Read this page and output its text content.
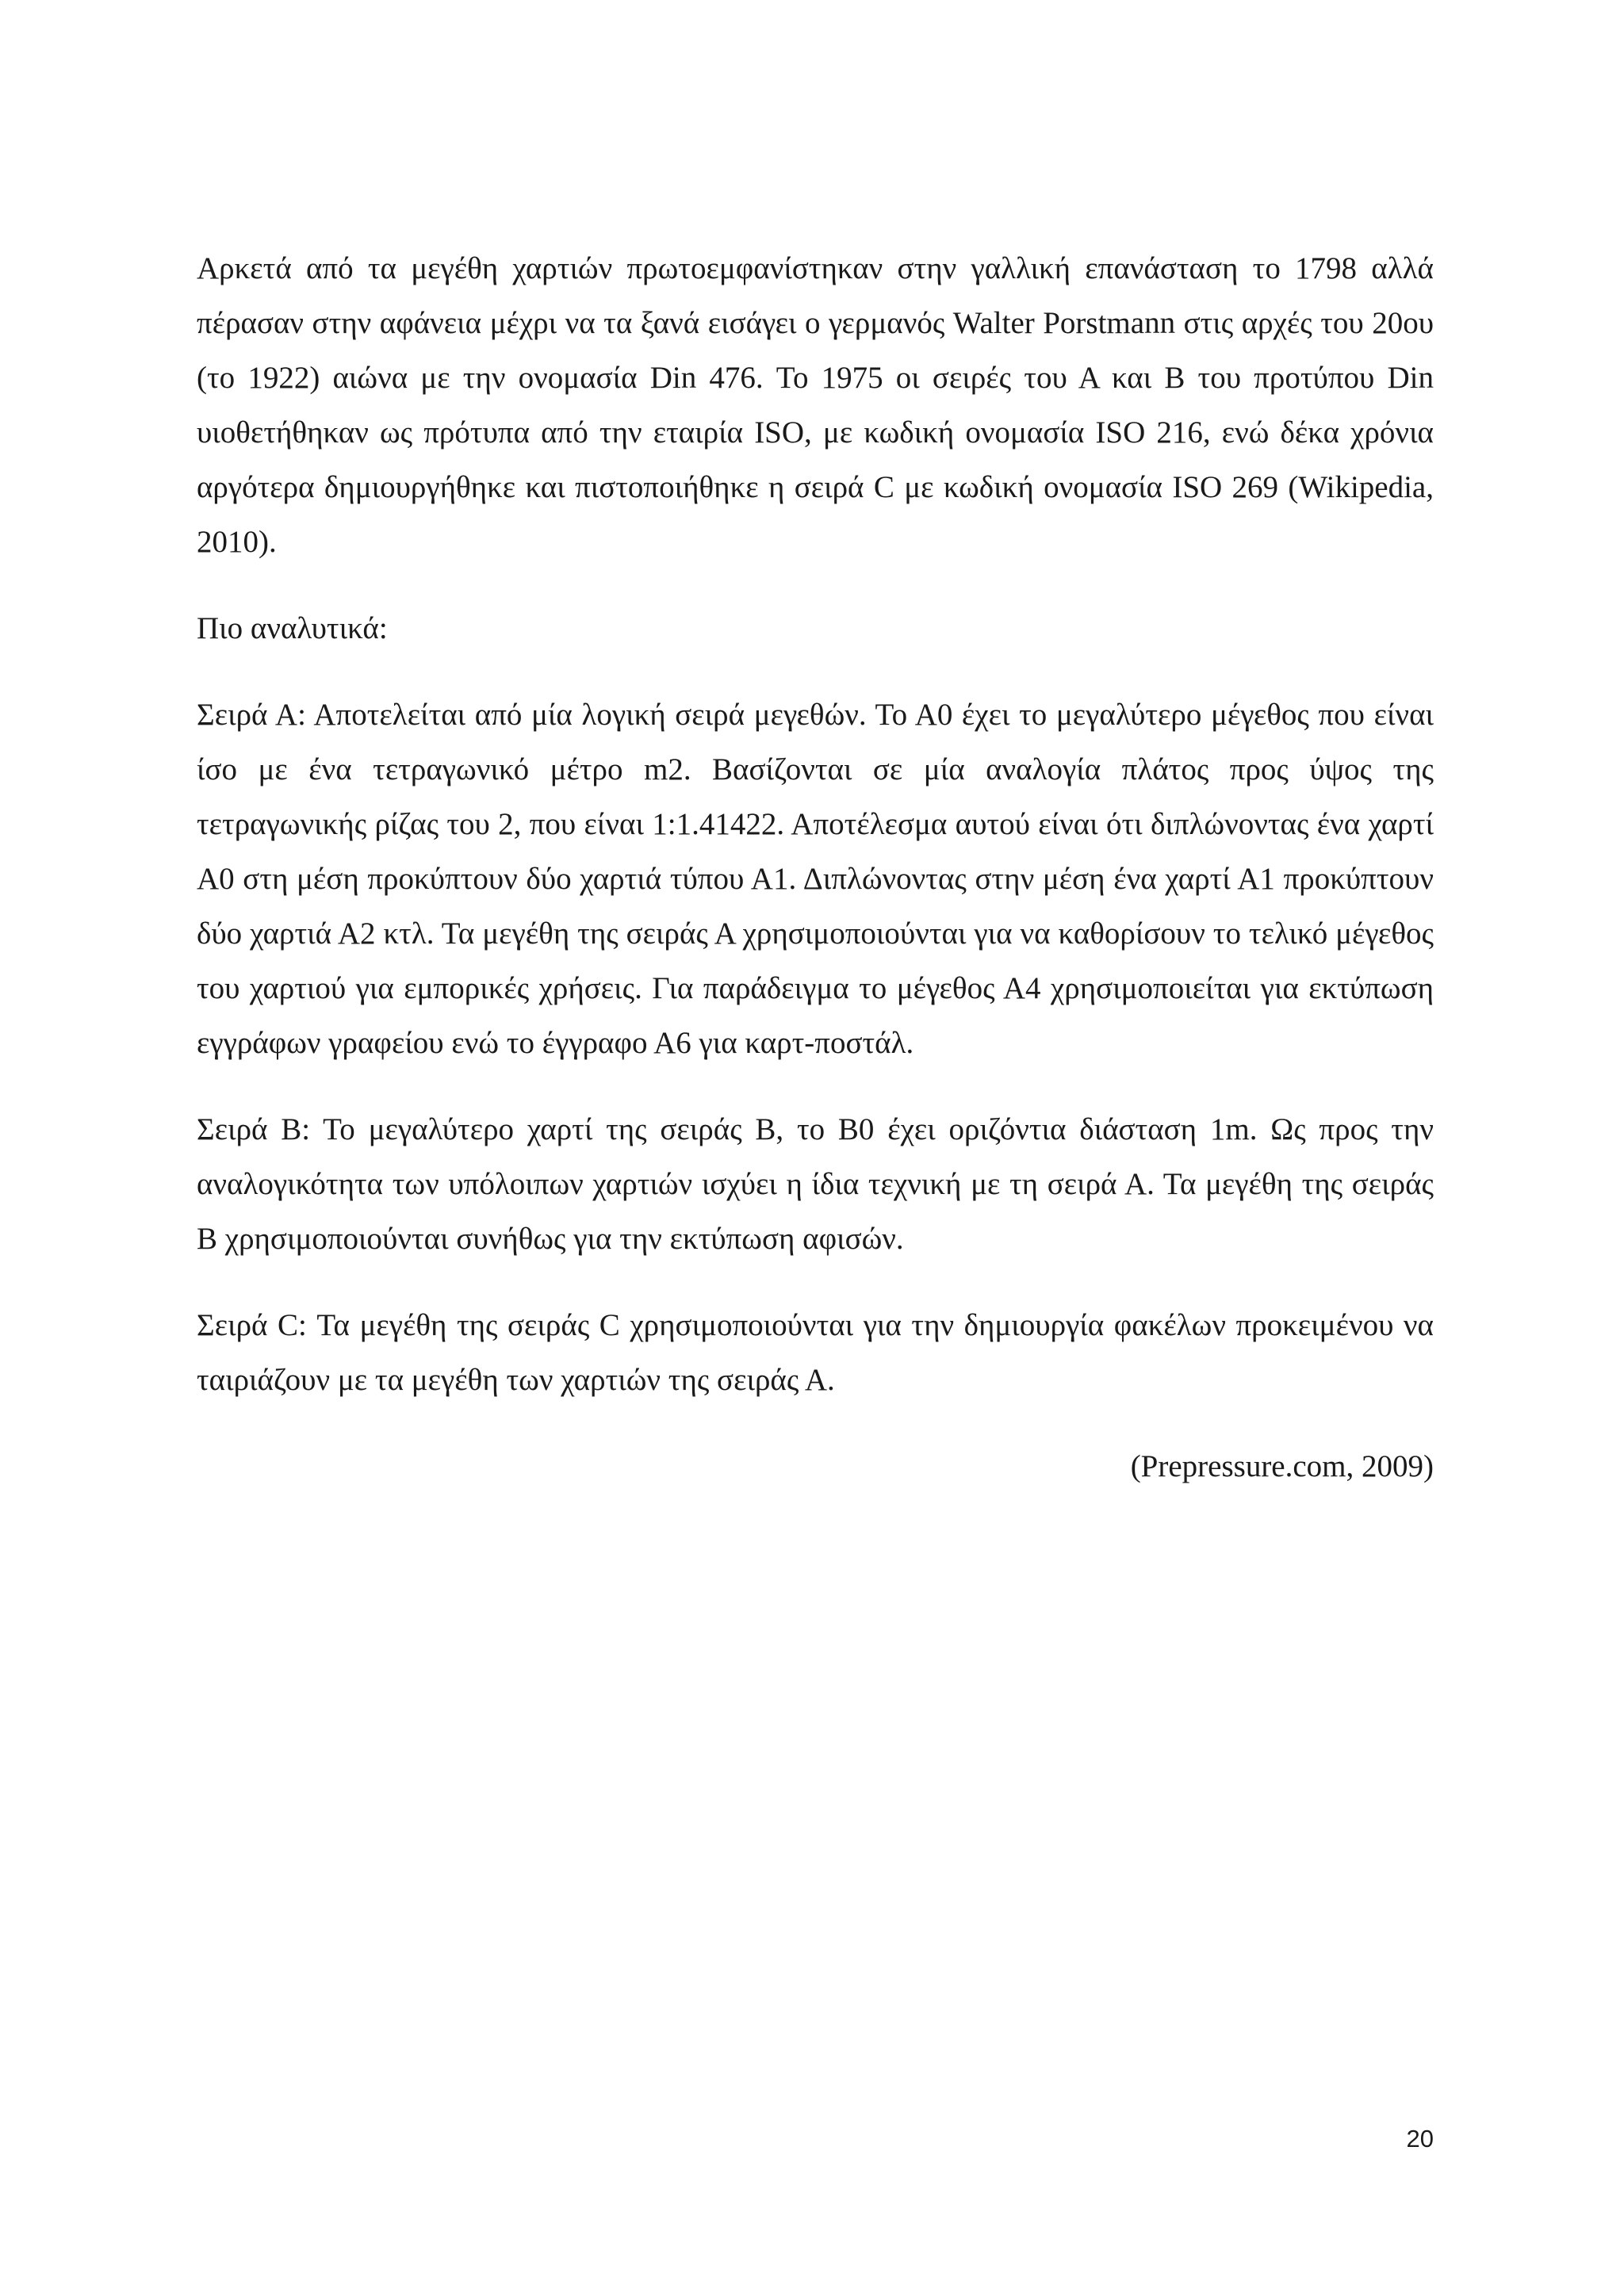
Αρκετά από τα μεγέθη χαρτιών πρωτοεμφανίστηκαν στην γαλλική επανάσταση το 1798 αλλά πέρασαν στην αφάνεια μέχρι να τα ξανά εισάγει ο γερμανός Walter Porstmann στις αρχές του 20ου (το 1922) αιώνα με την ονομασία Din 476. Το 1975 οι σειρές του Α και Β του προτύπου Din υιοθετήθηκαν ως πρότυπα από την εταιρία ISO, με κωδική ονομασία ISO 216, ενώ δέκα χρόνια αργότερα δημιουργήθηκε και πιστοποιήθηκε η σειρά C με κωδική ονομασία ISO 269 (Wikipedia, 2010).

Πιο αναλυτικά:

Σειρά Α: Αποτελείται από μία λογική σειρά μεγεθών. Το Α0 έχει το μεγαλύτερο μέγεθος που είναι ίσο με ένα τετραγωνικό μέτρο m2. Βασίζονται σε μία αναλογία πλάτος προς ύψος της τετραγωνικής ρίζας του 2, που είναι 1:1.41422. Αποτέλεσμα αυτού είναι ότι διπλώνοντας ένα χαρτί Α0 στη μέση προκύπτουν δύο χαρτιά τύπου Α1. Διπλώνοντας στην μέση ένα χαρτί Α1 προκύπτουν δύο χαρτιά Α2 κτλ. Τα μεγέθη της σειράς Α χρησιμοποιούνται για να καθορίσουν το τελικό μέγεθος του χαρτιού για εμπορικές χρήσεις. Για παράδειγμα το μέγεθος Α4 χρησιμοποιείται για εκτύπωση εγγράφων γραφείου ενώ το έγγραφο Α6 για καρτ-ποστάλ.

Σειρά Β: Το μεγαλύτερο χαρτί της σειράς Β, το Β0 έχει οριζόντια διάσταση 1m. Ως προς την αναλογικότητα των υπόλοιπων χαρτιών ισχύει η ίδια τεχνική με τη σειρά Α. Τα μεγέθη της σειράς Β χρησιμοποιούνται συνήθως για την εκτύπωση αφισών.

Σειρά C: Τα μεγέθη της σειράς C χρησιμοποιούνται για την δημιουργία φακέλων προκειμένου να ταιριάζουν με τα μεγέθη των χαρτιών της σειράς Α.

(Prepressure.com, 2009)

20
